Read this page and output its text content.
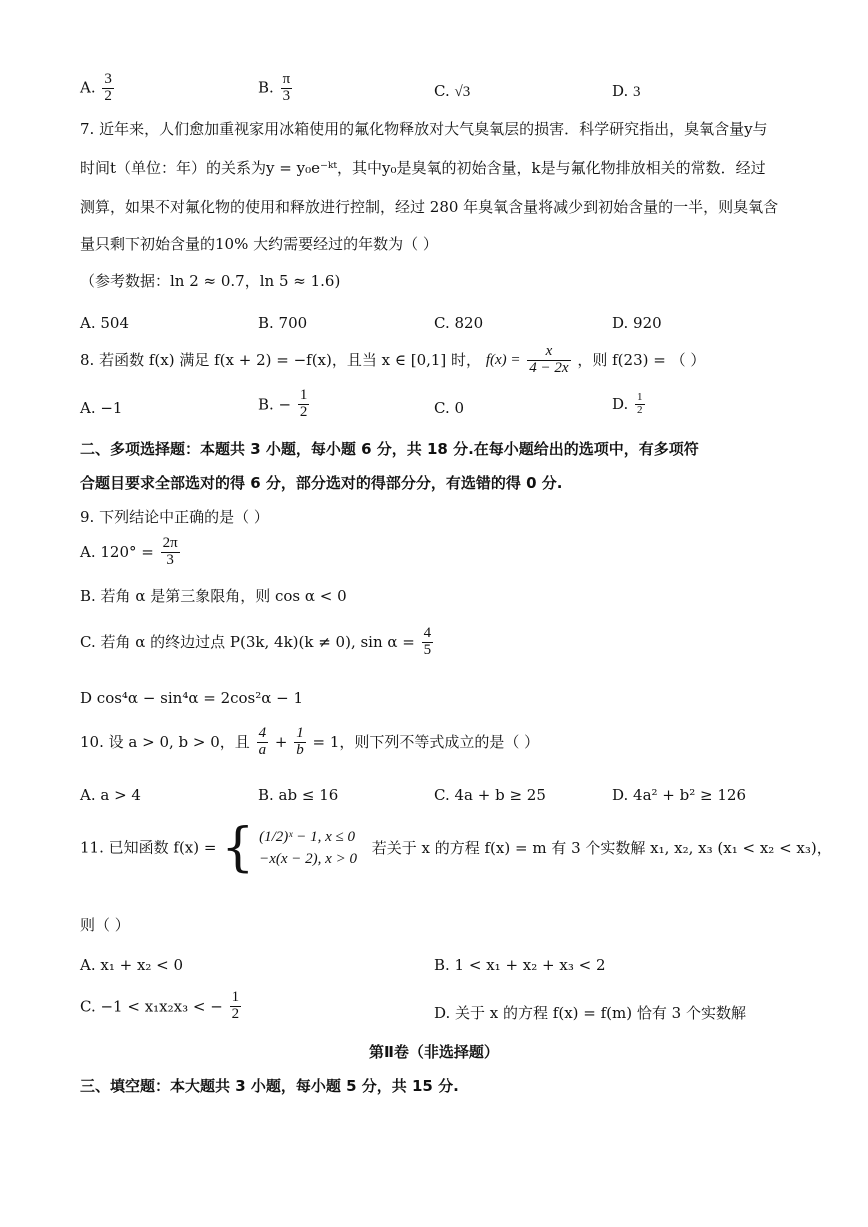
A. $\frac{3}{2}$	B. $\frac{\pi}{3}$	C. √3	D. 3
7. 近年来，人们愈加重视家用冰箱使用的氟化物释放对大气臭氧层的损害．科学研究指出，臭氧含量y与
时间t（单位：年）的关系为y = y₀e⁻ᵏᵗ，其中y₀是臭氧的初始含量，k是与氟化物排放相关的常数．经过
测算，如果不对氟化物的使用和释放进行控制，经过 280 年臭氧含量将减少到初始含量的一半，则臭氧含
量只剩下初始含量的10% 大约需要经过的年数为（ ）
（参考数据：ln 2 ≈ 0.7，ln 5 ≈ 1.6)
A. 504	B. 700	C. 820	D. 920
8. 若函数 f(x) 满足 f(x + 2) = −f(x)，且当 x ∈ [0,1] 时， $f(x) = \frac{x}{4 - 2x}$ ，则 f(23) = （ ）
A. −1	B. − $\frac{1}{2}$	C. 0	D. $\frac{1}{2}$
二、多项选择题：本题共 3 小题，每小题 6 分，共 18 分.在每小题给出的选项中，有多项符
合题目要求全部选对的得 6 分，部分选对的得部分分，有选错的得 0 分.
9. 下列结论中正确的是（ ）
A. $120^\circ = \frac{2\pi}{3}$
B. 若角 α 是第三象限角，则 cos α < 0
C. 若角 α 的终边过点 P(3k, 4k)(k ≠ 0), $\sin \alpha = \frac{4}{5}$
D cos⁴α − sin⁴α = 2cos²α − 1
10. 设 a > 0, b > 0，且 $\frac{4}{a} + \frac{1}{b} = 1$，则下列不等式成立的是（ ）
A. a > 4	B. ab ≤ 16	C. 4a + b ≥ 25	D. 4a² + b² ≥ 126
11. 已知函数 f(x) = { (1/2)ˣ − 1, x ≤ 0
−x(x − 2), x > 0
若关于 x 的方程 f(x) = m 有 3 个实数解 x₁, x₂, x₃ (x₁ < x₂ < x₃)，
则（ ）
A. x₁ + x₂ < 0	B. 1 < x₁ + x₂ + x₃ < 2
C. −1 < x₁x₂x₃ < − $\frac{1}{2}$	D. 关于 x 的方程 f(x) = f(m) 恰有 3 个实数解
第Ⅱ卷（非选择题）
三、填空题：本大题共 3 小题，每小题 5 分，共 15 分.
